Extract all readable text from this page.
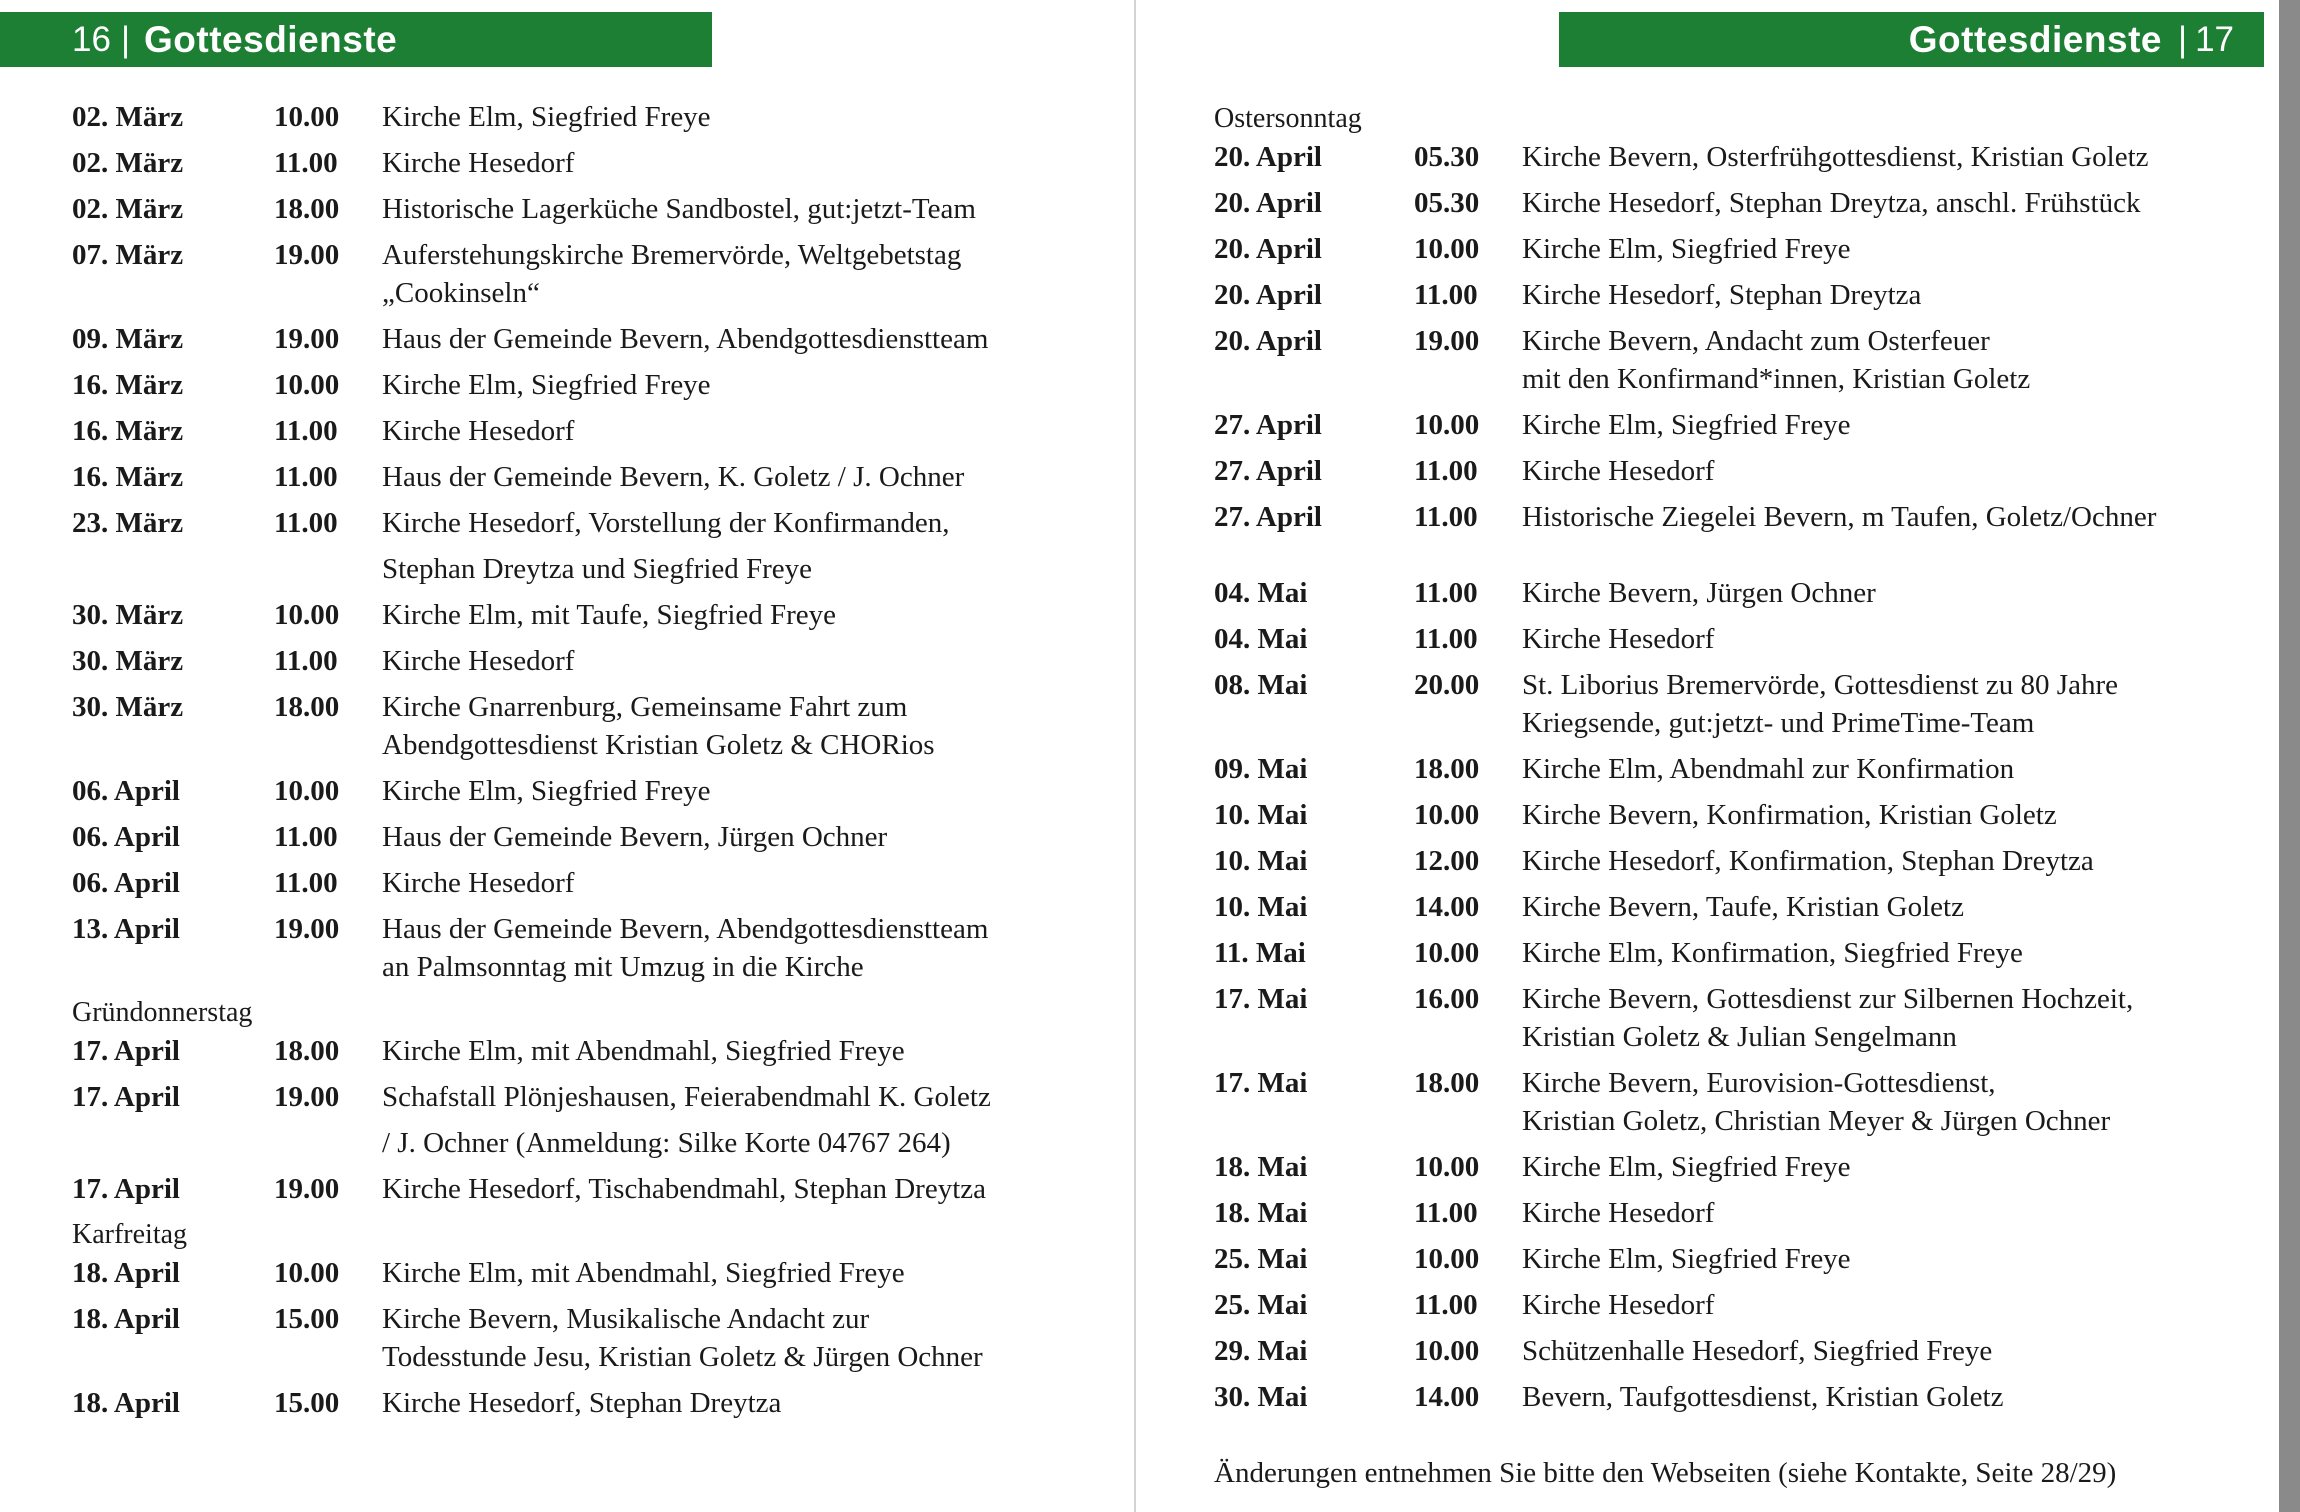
16 | Gottesdienste
02. März	10.00	Kirche Elm, Siegfried Freye
02. März	11.00	Kirche Hesedorf
02. März	18.00	Historische Lagerküche Sandbostel, gut:jetzt-Team
07. März	19.00	Auferstehungskirche Bremervörde, Weltgebetstag
„Cookinseln“
09. März	19.00	Haus der Gemeinde Bevern, Abendgottesdienstteam
16. März	10.00	Kirche Elm, Siegfried Freye
16. März	11.00	Kirche Hesedorf
16. März	11.00	Haus der Gemeinde Bevern, K. Goletz / J. Ochner
23. März	11.00	Kirche Hesedorf, Vorstellung der Konfirmanden,
Stephan Dreytza und Siegfried Freye
30. März	10.00	Kirche Elm, mit Taufe, Siegfried Freye
30. März	11.00	Kirche Hesedorf
30. März	18.00	Kirche Gnarrenburg, Gemeinsame Fahrt zum
Abendgottesdienst Kristian Goletz & CHORios
06. April	10.00	Kirche Elm, Siegfried Freye
06. April	11.00	Haus der Gemeinde Bevern, Jürgen Ochner
06. April	11.00	Kirche Hesedorf
13. April	19.00	Haus der Gemeinde Bevern, Abendgottesdienstteam
an Palmsonntag mit Umzug in die Kirche
Gründonnerstag
17. April	18.00	Kirche Elm, mit Abendmahl, Siegfried Freye
17. April	19.00	Schafstall Plönjeshausen, Feierabendmahl K. Goletz
/ J. Ochner (Anmeldung: Silke Korte 04767 264)
17. April	19.00	Kirche Hesedorf, Tischabendmahl, Stephan Dreytza
Karfreitag
18. April	10.00	Kirche Elm, mit Abendmahl, Siegfried Freye
18. April	15.00	Kirche Bevern, Musikalische Andacht zur
Todesstunde Jesu, Kristian Goletz & Jürgen Ochner
18. April	15.00	Kirche Hesedorf, Stephan Dreytza
Gottesdienste | 17
Ostersonntag
20. April	05.30	Kirche Bevern, Osterfrühgottesdienst, Kristian Goletz
20. April	05.30	Kirche Hesedorf, Stephan Dreytza, anschl. Frühstück
20. April	10.00	Kirche Elm, Siegfried Freye
20. April	11.00	Kirche Hesedorf, Stephan Dreytza
20. April	19.00	Kirche Bevern, Andacht zum Osterfeuer
mit den Konfirmand*innen, Kristian Goletz
27. April	10.00	Kirche Elm, Siegfried Freye
27. April	11.00	Kirche Hesedorf
27. April	11.00	Historische Ziegelei Bevern, m Taufen, Goletz/Ochner
04. Mai	11.00	Kirche Bevern, Jürgen Ochner
04. Mai	11.00	Kirche Hesedorf
08. Mai	20.00	St. Liborius Bremervörde, Gottesdienst zu 80 Jahre
Kriegsende, gut:jetzt- und PrimeTime-Team
09. Mai	18.00	Kirche Elm, Abendmahl zur Konfirmation
10. Mai	10.00	Kirche Bevern, Konfirmation, Kristian Goletz
10. Mai	12.00	Kirche Hesedorf, Konfirmation, Stephan Dreytza
10. Mai	14.00	Kirche Bevern, Taufe, Kristian Goletz
11. Mai	10.00	Kirche Elm, Konfirmation, Siegfried Freye
17. Mai	16.00	Kirche Bevern, Gottesdienst zur Silbernen Hochzeit,
Kristian Goletz & Julian Sengelmann
17. Mai	18.00	Kirche Bevern, Eurovision-Gottesdienst,
Kristian Goletz, Christian Meyer & Jürgen Ochner
18. Mai	10.00	Kirche Elm, Siegfried Freye
18. Mai	11.00	Kirche Hesedorf
25. Mai	10.00	Kirche Elm, Siegfried Freye
25. Mai	11.00	Kirche Hesedorf
29. Mai	10.00	Schützenhalle Hesedorf, Siegfried Freye
30. Mai	14.00	Bevern, Taufgottesdienst, Kristian Goletz
Änderungen entnehmen Sie bitte den Webseiten (siehe Kontakte, Seite 28/29)
